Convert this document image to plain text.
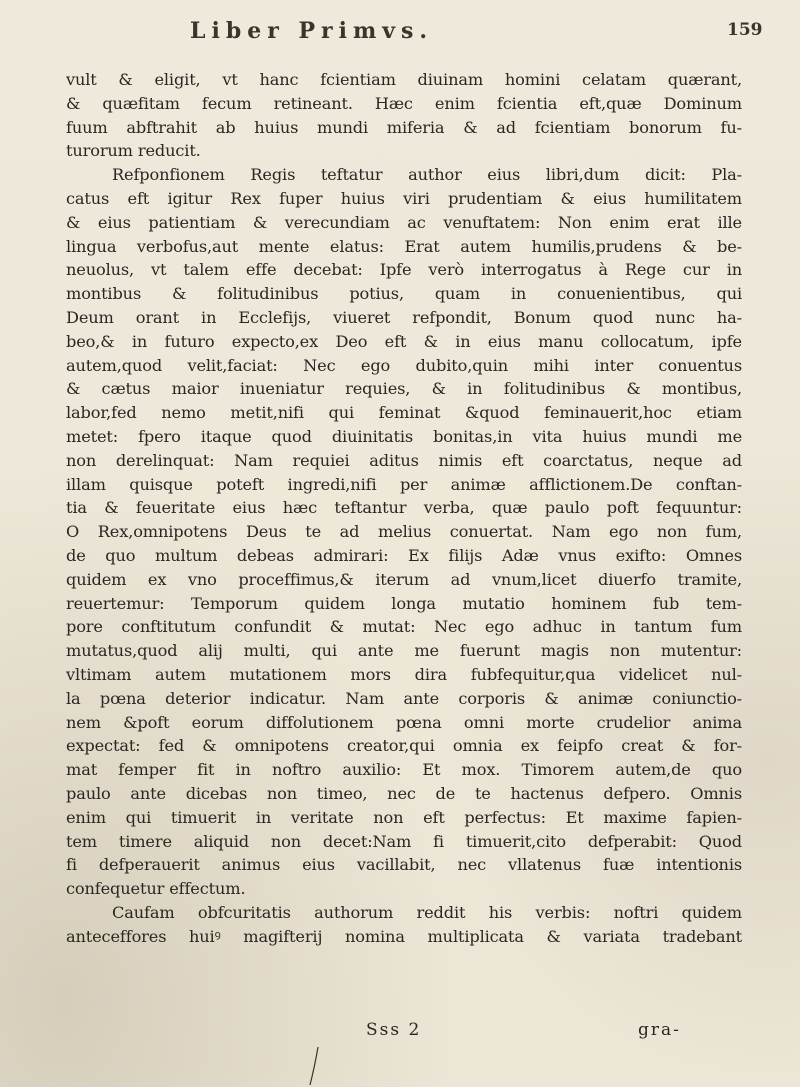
Liber Primvs.	159
vult & eligit, vt hanc fcientiam diuinam homini celatam quærant,
& quæfitam fecum retineant. Hæc enim fcientia eft,quæ Dominum
fuum abftrahit ab huius mundi miferia & ad fcientiam bonorum fu-
turorum reducit.
Refponfionem Regis teftatur author eius libri,dum dicit: Pla-
catus eft igitur Rex fuper huius viri prudentiam & eius humilitatem
& eius patientiam & verecundiam ac venuftatem: Non enim erat ille
lingua verbofus,aut mente elatus: Erat autem humilis,prudens & be-
neuolus, vt talem effe decebat: Ipfe verò interrogatus à Rege cur in
montibus & folitudinibus potius, quam in conuenientibus, qui
Deum orant in Ecclefijs, viueret refpondit, Bonum quod nunc ha-
beo,& in futuro expecto,ex Deo eft & in eius manu collocatum, ipfe
autem,quod velit,faciat: Nec ego dubito,quin mihi inter conuentus
& cætus maior inueniatur requies, & in folitudinibus & montibus,
labor,fed nemo metit,nifi qui feminat &quod feminauerit,hoc etiam
metet: fpero itaque quod diuinitatis bonitas,in vita huius mundi me
non derelinquat: Nam requiei aditus nimis eft coarctatus, neque ad
illam quisque poteft ingredi,nifi per animæ afflictionem.De conftan-
tia & feueritate eius hæc teftantur verba, quæ paulo poft fequuntur:
O Rex,omnipotens Deus te ad melius conuertat. Nam ego non fum,
de quo multum debeas admirari: Ex filijs Adæ vnus exifto: Omnes
quidem ex vno proceffimus,& iterum ad vnum,licet diuerfo tramite,
reuertemur: Temporum quidem longa mutatio hominem fub tem-
pore conftitutum confundit & mutat: Nec ego adhuc in tantum fum
mutatus,quod alij multi, qui ante me fuerunt magis non mutentur:
vltimam autem mutationem mors dira fubfequitur,qua videlicet nul-
la pœna deterior indicatur. Nam ante corporis & animæ coniunctio-
nem &poft eorum diffolutionem pœna omni morte crudelior anima
expectat: fed & omnipotens creator,qui omnia ex feipfo creat & for-
mat femper fit in noftro auxilio: Et mox. Timorem autem,de quo
paulo ante dicebas non timeo, nec de te hactenus defpero. Omnis
enim qui timuerit in veritate non eft perfectus: Et maxime fapien-
tem timere aliquid non decet:Nam fi timuerit,cito defperabit: Quod
fi defperauerit animus eius vacillabit, nec vllatenus fuæ intentionis
confequetur effectum.
Caufam obfcuritatis authorum reddit his verbis: noftri quidem
anteceffores huiꝰ magifterij nomina multiplicata & variata tradebant
Sss 2	gra-
